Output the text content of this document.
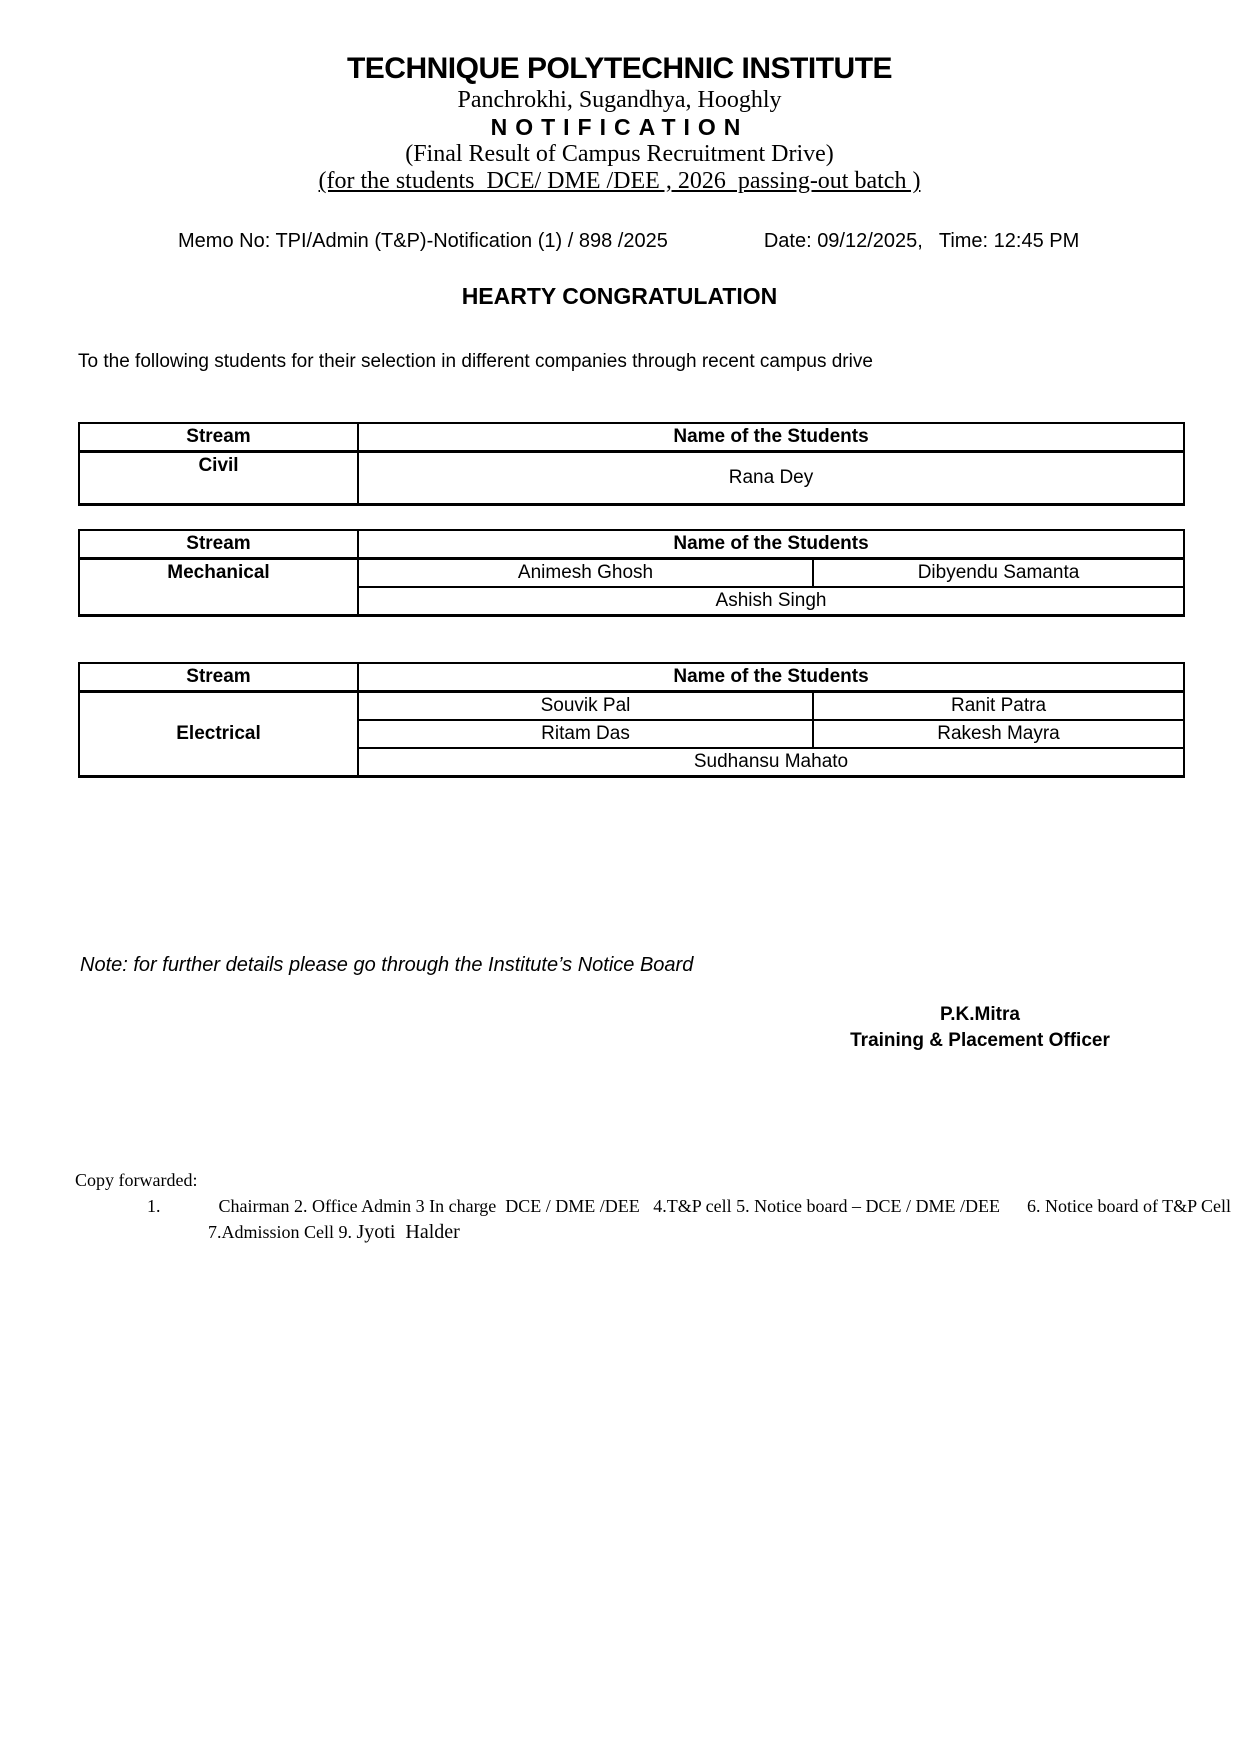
TECHNIQUE POLYTECHNIC INSTITUTE
Panchrokhi, Sugandhya, Hooghly
NOTIFICATION
(Final Result of Campus Recruitment Drive)
(for the students  DCE/ DME /DEE , 2026  passing-out batch )
Memo No: TPI/Admin (T&P)-Notification (1) / 898 /2025	Date: 09/12/2025, Time: 12:45 PM
HEARTY CONGRATULATION
To the following students for their selection in different companies through recent campus drive
Stream	Name of the Students
Civil	Rana Dey
Stream	Name of the Students	
Mechanical	Animesh Ghosh	Dibyendu Samanta
	Ashish Singh	
Stream	Name of the Students	
Electrical	Souvik Pal	Ranit Patra
	Ritam Das	Rakesh Mayra
	Sudhansu Mahato	
Note: for further details please go through the Institute’s Notice Board
P.K.Mitra
Training & Placement Officer
Copy forwarded:
1.	Chairman 2. Office Admin 3 In charge  DCE / DME /DEE   4.T&P cell 5. Notice board – DCE / DME /DEE      6. Notice board of T&P Cell
7.Admission Cell 9. Jyoti  Halder
